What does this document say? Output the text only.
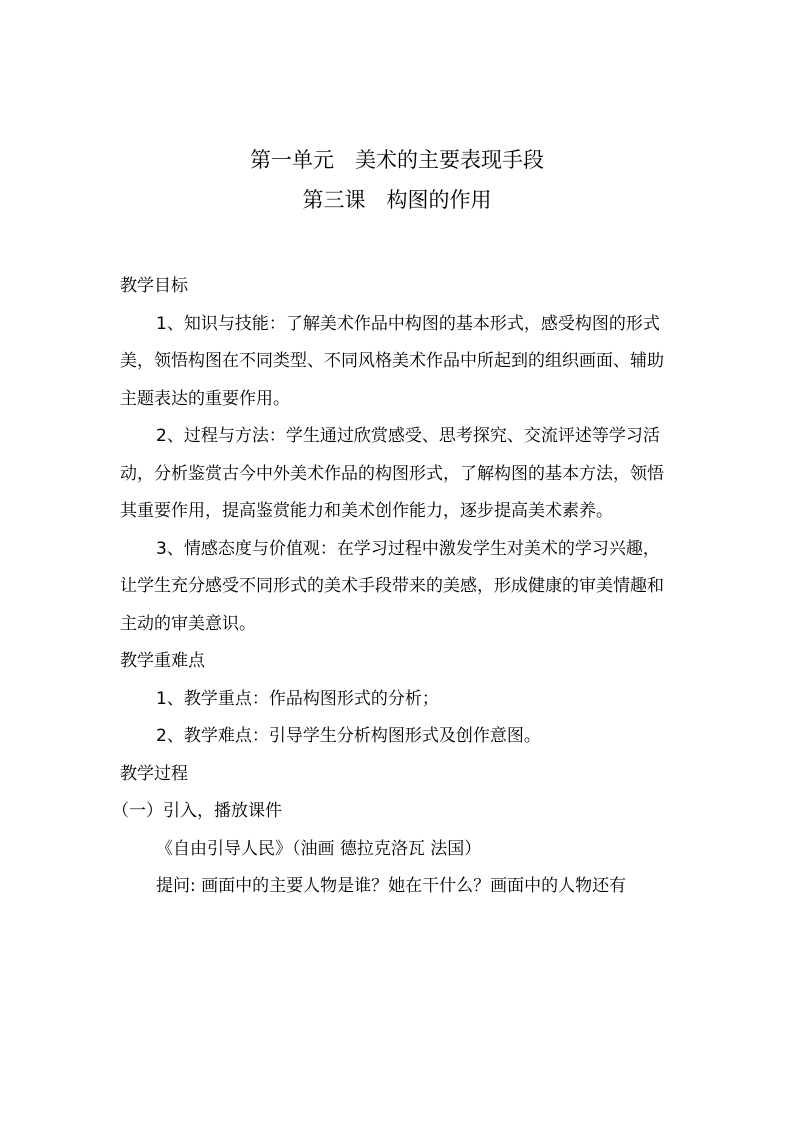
第一单元　美术的主要表现手段
第三课　构图的作用

教学目标

1、知识与技能：了解美术作品中构图的基本形式，感受构图的形式美，领悟构图在不同类型、不同风格美术作品中所起到的组织画面、辅助主题表达的重要作用。

2、过程与方法：学生通过欣赏感受、思考探究、交流评述等学习活动，分析鉴赏古今中外美术作品的构图形式，了解构图的基本方法，领悟其重要作用，提高鉴赏能力和美术创作能力，逐步提高美术素养。

3、情感态度与价值观：在学习过程中激发学生对美术的学习兴趣，让学生充分感受不同形式的美术手段带来的美感，形成健康的审美情趣和主动的审美意识。

教学重难点

1、教学重点：作品构图形式的分析；

2、教学难点：引导学生分析构图形式及创作意图。

教学过程

（一）引入，播放课件

《自由引导人民》（油画 德拉克洛瓦 法国）

提问: 画面中的主要人物是谁？她在干什么？画面中的人物还有
